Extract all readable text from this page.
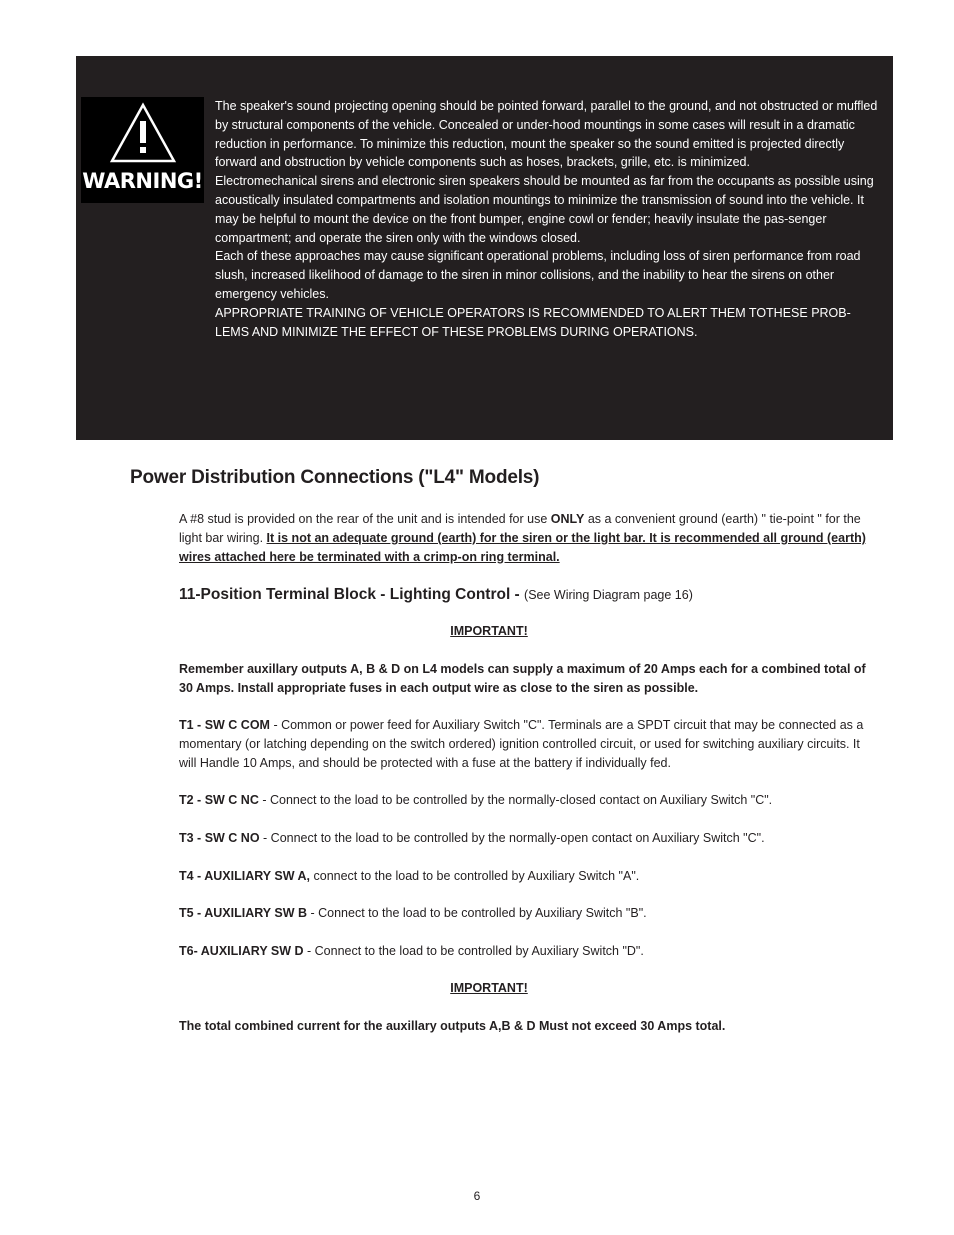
WARNING!

The speaker's sound projecting opening should be pointed forward, parallel to the ground, and not obstructed or muffled by structural components of the vehicle. Concealed or under-hood mountings in some cases will result in a dramatic reduction in performance. To minimize this reduction, mount the speaker so the sound emitted is projected directly forward and obstruction by vehicle components such as hoses, brackets, grille, etc. is minimized.

Electromechanical sirens and electronic siren speakers should be mounted as far from the occupants as possible using acoustically insulated compartments and isolation mountings to minimize the transmission of sound into the vehicle. It may be helpful to mount the device on the front bumper, engine cowl or fender; heavily insulate the pas-senger compartment; and operate the siren only with the windows closed.

Each of these approaches may cause significant operational problems, including loss of siren performance from road slush, increased likelihood of damage to the siren in minor collisions, and the inability to hear the sirens on other emergency vehicles.

APPROPRIATE TRAINING OF VEHICLE OPERATORS IS RECOMMENDED TO ALERT THEM TOTHESE PROB-LEMS AND MINIMIZE THE EFFECT OF THESE PROBLEMS DURING OPERATIONS.

Power Distribution Connections ("L4" Models)

A #8 stud is provided on the rear of the unit and is intended for use ONLY as a convenient ground (earth) " tie-point " for the light bar wiring. It is not an adequate ground (earth) for the siren or the light bar. It is recommended all ground (earth) wires attached here be terminated with a crimp-on ring terminal.

11-Position Terminal Block - Lighting Control - (See Wiring Diagram page 16)

IMPORTANT!

Remember auxillary outputs A, B & D on L4 models can supply a maximum of 20 Amps each for a combined total of 30 Amps. Install appropriate fuses in each output wire as close to the siren as possible.

T1 - SW C COM - Common or power feed for Auxiliary Switch "C". Terminals are a SPDT circuit that may be connected as a momentary (or latching depending on the switch ordered) ignition controlled circuit, or used for switching auxiliary circuits. It will Handle 10 Amps, and should be protected with a fuse at the battery if individually fed.

T2 - SW C NC - Connect to the load to be controlled by the normally-closed contact on Auxiliary Switch "C".

T3 - SW C NO - Connect to the load to be controlled by the normally-open contact on Auxiliary Switch "C".

T4 - AUXILIARY SW A, connect to the load to be controlled by Auxiliary Switch "A".

T5 - AUXILIARY SW B - Connect to the load to be controlled by Auxiliary Switch "B".

T6- AUXILIARY SW D - Connect to the load to be controlled by Auxiliary Switch "D".

IMPORTANT!

The total combined current for the auxillary outputs A,B & D Must not exceed 30 Amps total.

6
